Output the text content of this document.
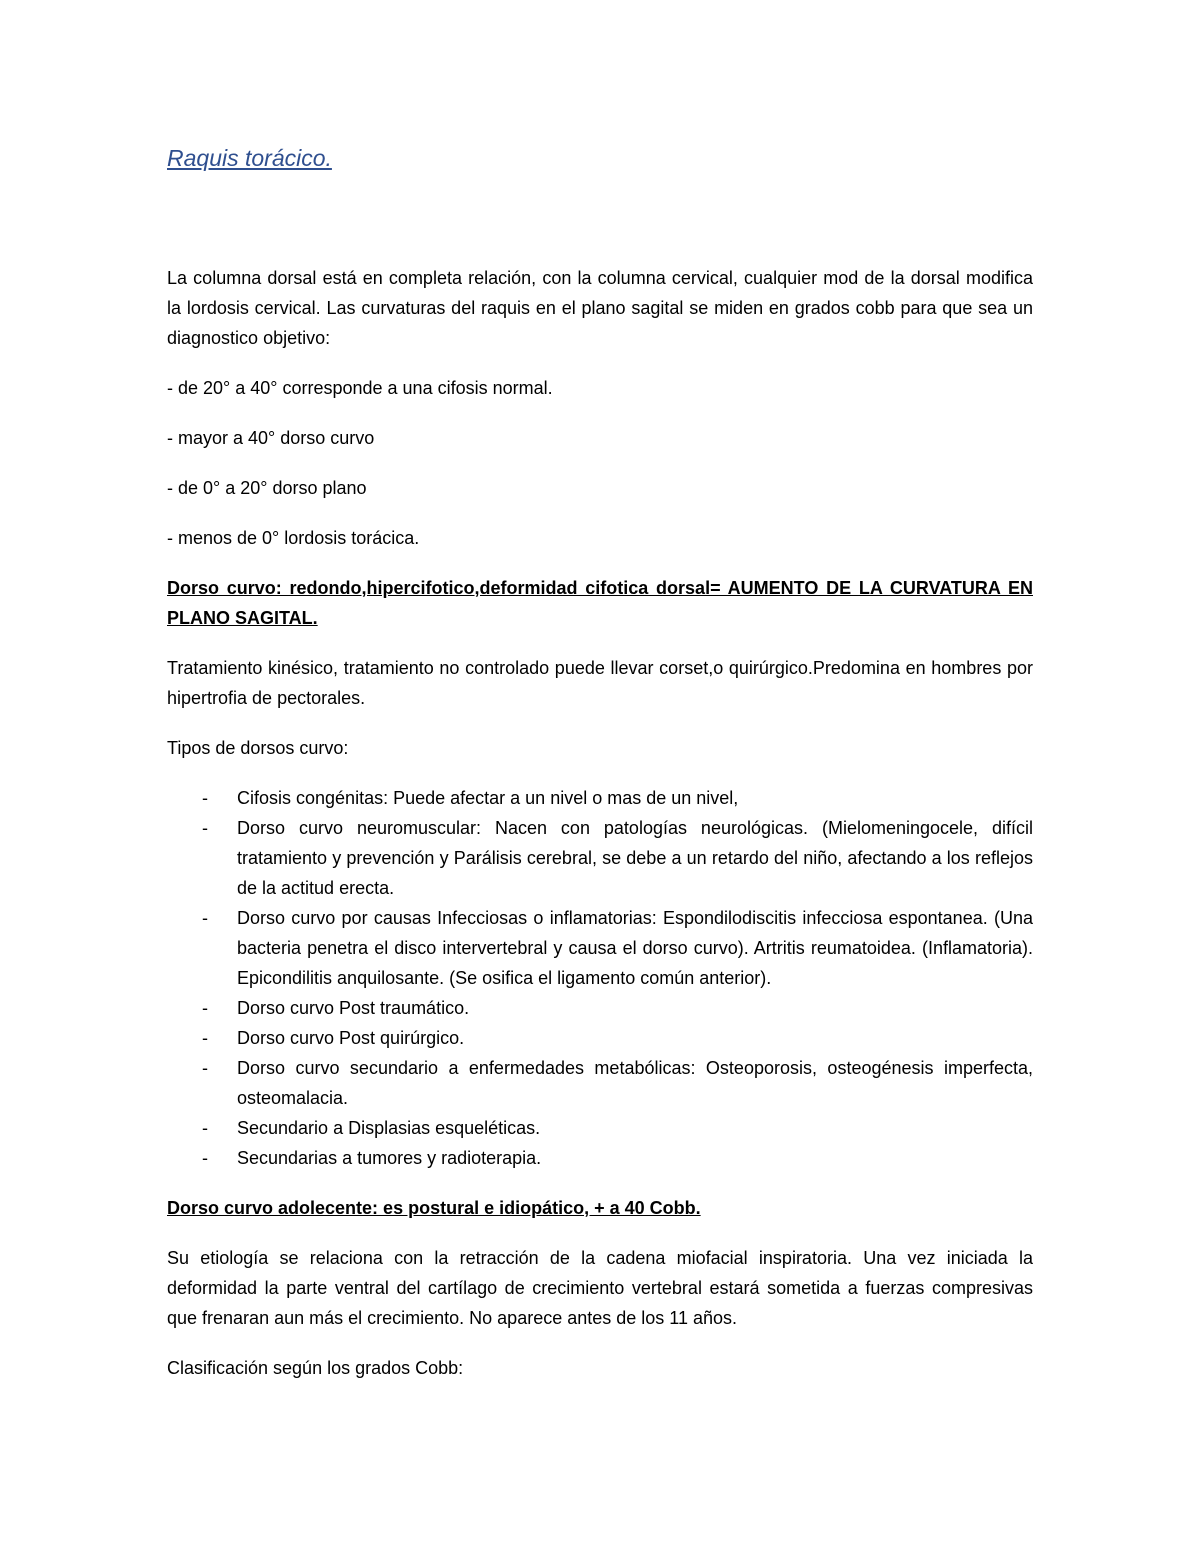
Raquis torácico.

La columna dorsal está en completa relación, con la columna cervical, cualquier mod de la dorsal modifica la lordosis cervical. Las curvaturas del raquis en el plano sagital se miden en grados cobb para que sea un diagnostico objetivo:

- de 20° a 40° corresponde a una cifosis normal.

- mayor a 40° dorso curvo

- de 0° a 20° dorso plano

- menos de 0° lordosis torácica.

Dorso curvo: redondo,hipercifotico,deformidad cifotica dorsal= AUMENTO DE LA CURVATURA EN PLANO SAGITAL.

Tratamiento kinésico, tratamiento no controlado puede llevar corset,o quirúrgico.Predomina en hombres por hipertrofia de pectorales.

Tipos de dorsos curvo:

- Cifosis congénitas: Puede afectar a un nivel o mas de un nivel,
- Dorso curvo neuromuscular: Nacen con patologías neurológicas. (Mielomeningocele, difícil tratamiento y prevención y Parálisis cerebral, se debe a un retardo del niño, afectando a los reflejos de la actitud erecta.
- Dorso curvo por causas Infecciosas o inflamatorias: Espondilodiscitis infecciosa espontanea. (Una bacteria penetra el disco intervertebral y causa el dorso curvo). Artritis reumatoidea. (Inflamatoria). Epicondilitis anquilosante. (Se osifica el ligamento común anterior).
- Dorso curvo Post traumático.
- Dorso curvo Post quirúrgico.
- Dorso curvo secundario a enfermedades metabólicas: Osteoporosis, osteogénesis imperfecta, osteomalacia.
- Secundario a Displasias esqueléticas.
- Secundarias a tumores y radioterapia.

Dorso curvo adolecente: es postural e idiopático, + a 40 Cobb.

Su etiología se relaciona con la retracción de la cadena miofacial inspiratoria. Una vez iniciada la deformidad la parte ventral del cartílago de crecimiento vertebral estará sometida a fuerzas compresivas que frenaran aun más el crecimiento. No aparece antes de los 11 años.

Clasificación según los grados Cobb:
